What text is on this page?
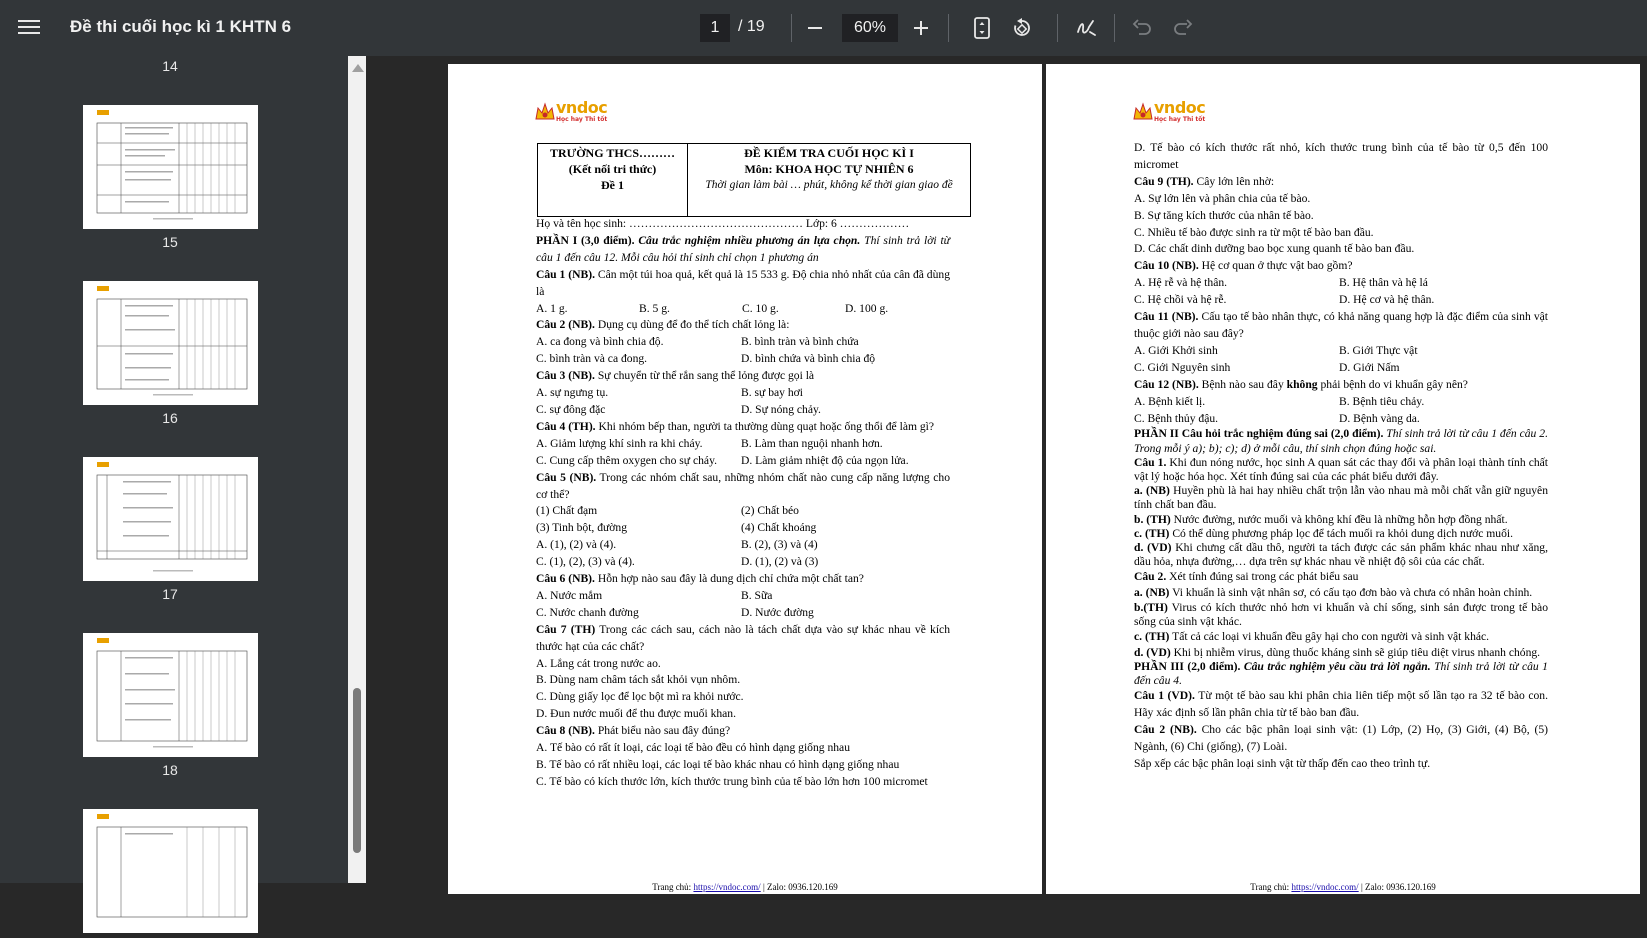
Đề thi cuối học kì 1 KHTN 6	1	/ 19	60%
14
15
16
17
18
vndoc
Học hay Thi tốt
TRƯỜNG THCS………
(Kết nối tri thức)
Đề 1
ĐỀ KIỂM TRA CUỐI HỌC KÌ I
Môn: KHOA HỌC TỰ NHIÊN 6
Thời gian làm bài … phút, không kể thời gian giao đề
Họ và tên học sinh: ……………………………………… Lớp: 6 ………………
PHẦN I (3,0 điểm). Câu trắc nghiệm nhiều phương án lựa chọn. Thí sinh trả lời từ câu 1 đến câu 12. Mỗi câu hỏi thí sinh chỉ chọn 1 phương án
Câu 1 (NB). Cân một túi hoa quả, kết quả là 15 533 g. Độ chia nhỏ nhất của cân đã dùng là
A. 1 g.	B. 5 g.	C. 10 g.	D. 100 g.
Câu 2 (NB). Dụng cụ dùng để đo thể tích chất lỏng là:
A. ca đong và bình chia độ.	B. bình tràn và bình chứa
C. bình tràn và ca đong.	D. bình chứa và bình chia độ
Câu 3 (NB). Sự chuyển từ thể rắn sang thể lỏng được gọi là
A. sự ngưng tụ.	B. sự bay hơi
C. sự đông đặc	D. Sự nóng chảy.
Câu 4 (TH). Khi nhóm bếp than, người ta thường dùng quạt hoặc ống thổi để làm gì?
A. Giảm lượng khí sinh ra khi cháy.	B. Làm than nguội nhanh hơn.
C. Cung cấp thêm oxygen cho sự cháy.	D. Làm giảm nhiệt độ của ngọn lửa.
Câu 5 (NB). Trong các nhóm chất sau, những nhóm chất nào cung cấp năng lượng cho cơ thể?
(1) Chất đạm	(2) Chất béo
(3) Tinh bột, đường	(4) Chất khoáng
A. (1), (2) và (4).	B. (2), (3) và (4)
C. (1), (2), (3) và (4).	D. (1), (2) và (3)
Câu 6 (NB). Hỗn hợp nào sau đây là dung dịch chỉ chứa một chất tan?
A. Nước mắm	B. Sữa
C. Nước chanh đường	D. Nước đường
Câu 7 (TH) Trong các cách sau, cách nào là tách chất dựa vào sự khác nhau về kích thước hạt của các chất?
A. Lắng cát trong nước ao.
B. Dùng nam châm tách sắt khỏi vụn nhôm.
C. Dùng giấy lọc để lọc bột mì ra khỏi nước.
D. Đun nước muối để thu được muối khan.
Câu 8 (NB). Phát biểu nào sau đây đúng?
A. Tế bào có rất ít loại, các loại tế bào đều có hình dạng giống nhau
B. Tế bào có rất nhiều loại, các loại tế bào khác nhau có hình dạng giống nhau
C. Tế bào có kích thước lớn, kích thước trung bình của tế bào lớn hơn 100 micromet
Trang chủ: https://vndoc.com/ | Zalo: 0936.120.169
vndoc
Học hay Thi tốt
D. Tế bào có kích thước rất nhỏ, kích thước trung bình của tế bào từ 0,5 đến 100 micromet
Câu 9 (TH). Cây lớn lên nhờ:
A. Sự lớn lên và phân chia của tế bào.
B. Sự tăng kích thước của nhân tế bào.
C. Nhiều tế bào được sinh ra từ một tế bào ban đầu.
D. Các chất dinh dưỡng bao bọc xung quanh tế bào ban đầu.
Câu 10 (NB). Hệ cơ quan ở thực vật bao gồm?
A. Hệ rễ và hệ thân.	B. Hệ thân và hệ lá
C. Hệ chồi và hệ rễ.	D. Hệ cơ và hệ thân.
Câu 11 (NB). Cấu tạo tế bào nhân thực, có khả năng quang hợp là đặc điểm của sinh vật thuộc giới nào sau đây?
A. Giới Khởi sinh	B. Giới Thực vật
C. Giới Nguyên sinh	D. Giới Nấm
Câu 12 (NB). Bệnh nào sau đây không phải bệnh do vi khuẩn gây nên?
A. Bệnh kiết lị.	B. Bệnh tiêu chảy.
C. Bệnh thủy đậu.	D. Bệnh vàng da.
PHẦN II Câu hỏi trắc nghiệm đúng sai (2,0 điểm). Thí sinh trả lời từ câu 1 đến câu 2. Trong mỗi ý a); b); c); d) ở mỗi câu, thí sinh chọn đúng hoặc sai.
Câu 1. Khi đun nóng nước, học sinh A quan sát các thay đổi và phân loại thành tính chất vật lý hoặc hóa học. Xét tính đúng sai của các phát biểu dưới đây.
a. (NB) Huyền phù là hai hay nhiều chất trộn lẫn vào nhau mà mỗi chất vẫn giữ nguyên tính chất ban đầu.
b. (TH) Nước đường, nước muối và không khí đều là những hỗn hợp đồng nhất.
c. (TH) Có thể dùng phương pháp lọc để tách muối ra khỏi dung dịch nước muối.
d. (VD) Khi chưng cất dầu thô, người ta tách được các sản phẩm khác nhau như xăng, dầu hỏa, nhựa đường,… dựa trên sự khác nhau về nhiệt độ sôi của các chất.
Câu 2. Xét tính đúng sai trong các phát biểu sau
a. (NB) Vi khuẩn là sinh vật nhân sơ, có cấu tạo đơn bào và chưa có nhân hoàn chỉnh.
b.(TH) Virus có kích thước nhỏ hơn vi khuẩn và chỉ sống, sinh sản được trong tế bào sống của sinh vật khác.
c. (TH) Tất cả các loại vi khuẩn đều gây hại cho con người và sinh vật khác.
d. (VD) Khi bị nhiễm virus, dùng thuốc kháng sinh sẽ giúp tiêu diệt virus nhanh chóng.
PHẦN III (2,0 điểm). Câu trắc nghiệm yêu cầu trả lời ngắn. Thí sinh trả lời từ câu 1 đến câu 4.
Câu 1 (VD). Từ một tế bào sau khi phân chia liên tiếp một số lần tạo ra 32 tế bào con. Hãy xác định số lần phân chia từ tế bào ban đầu.
Câu 2 (NB). Cho các bậc phân loại sinh vật: (1) Lớp, (2) Họ, (3) Giới, (4) Bộ, (5) Ngành, (6) Chi (giống), (7) Loài.
Sắp xếp các bậc phân loại sinh vật từ thấp đến cao theo trình tự.
Trang chủ: https://vndoc.com/ | Zalo: 0936.120.169
